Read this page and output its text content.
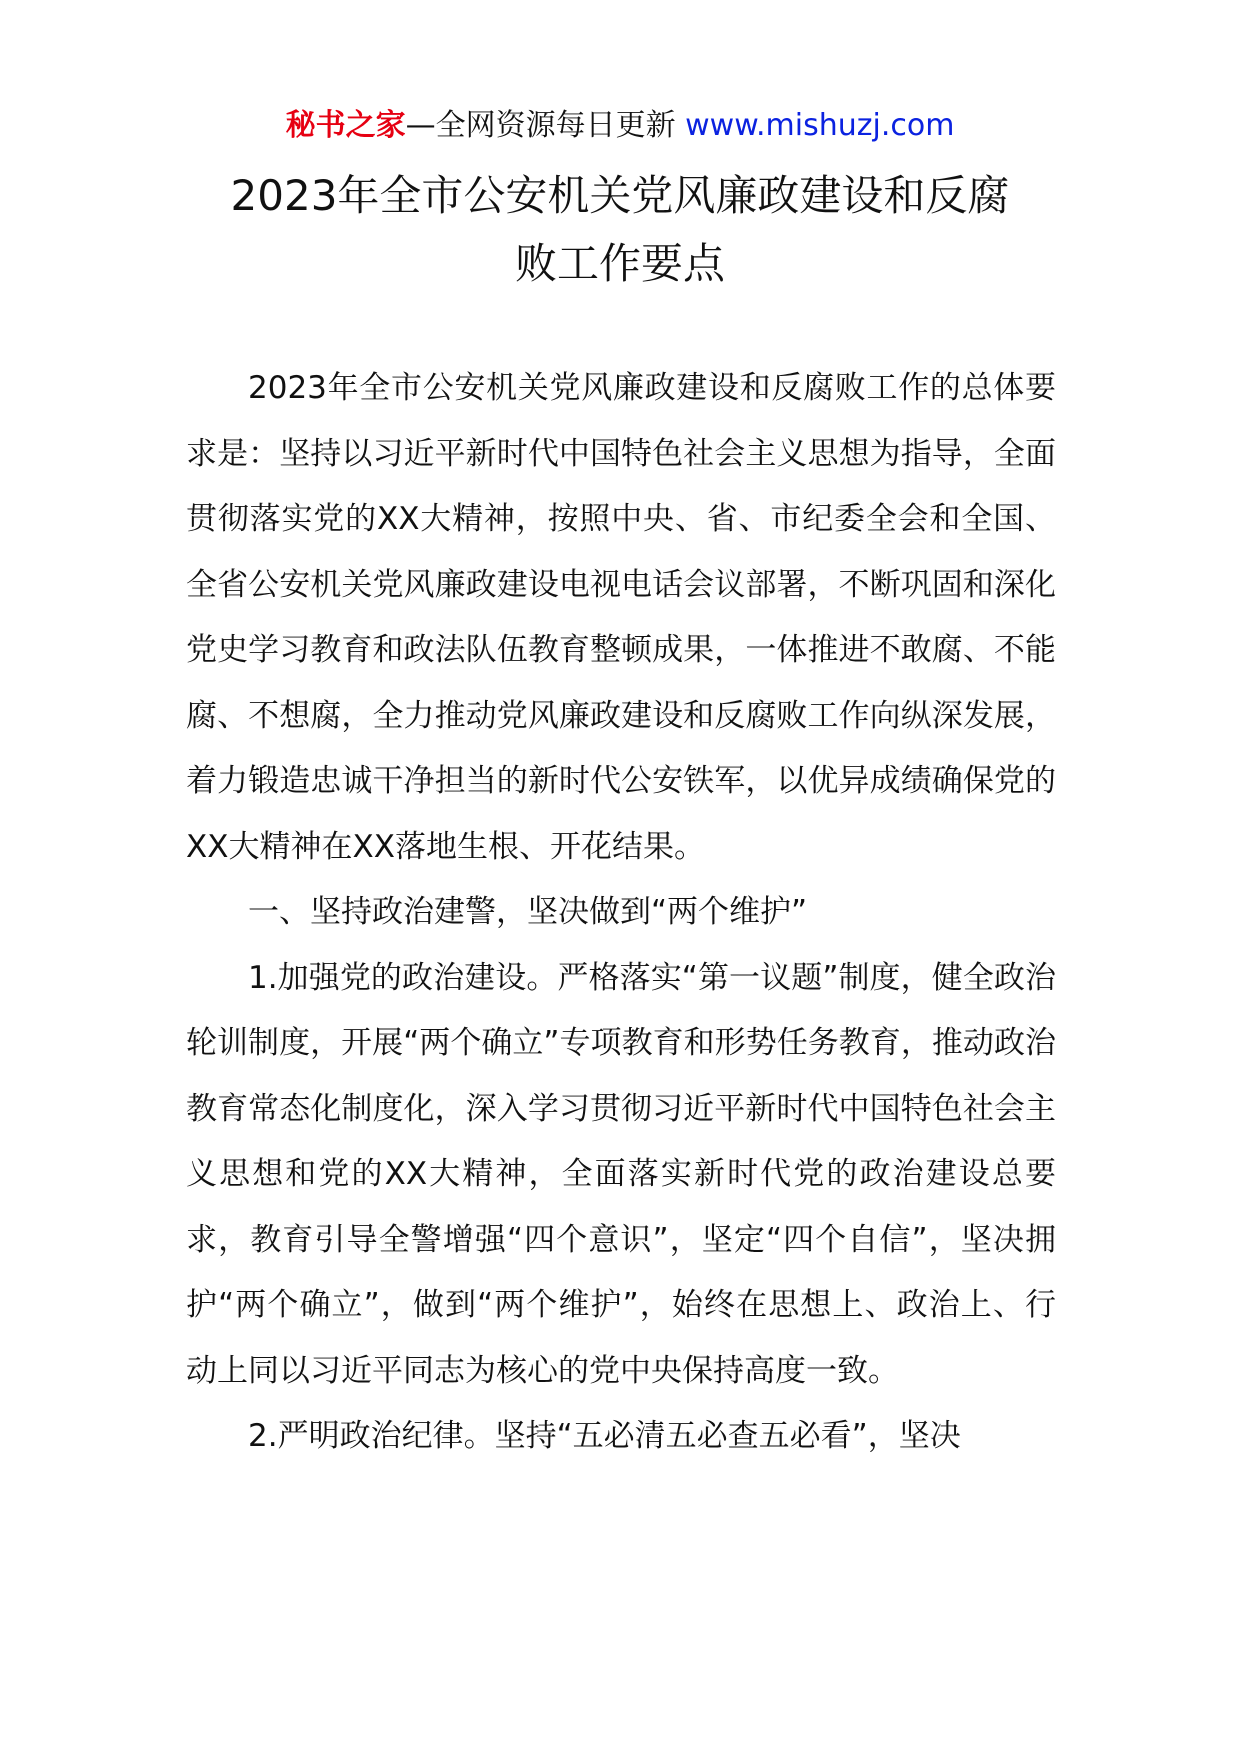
秘书之家—全网资源每日更新 www.mishuzj.com
2023年全市公安机关党风廉政建设和反腐
败工作要点

2023年全市公安机关党风廉政建设和反腐败工作的总体要求是：坚持以习近平新时代中国特色社会主义思想为指导，全面贯彻落实党的XX大精神，按照中央、省、市纪委全会和全国、全省公安机关党风廉政建设电视电话会议部署，不断巩固和深化党史学习教育和政法队伍教育整顿成果，一体推进不敢腐、不能腐、不想腐，全力推动党风廉政建设和反腐败工作向纵深发展，着力锻造忠诚干净担当的新时代公安铁军，以优异成绩确保党的XX大精神在XX落地生根、开花结果。

一、坚持政治建警，坚决做到“两个维护”

1.加强党的政治建设。严格落实“第一议题”制度，健全政治轮训制度，开展“两个确立”专项教育和形势任务教育，推动政治教育常态化制度化，深入学习贯彻习近平新时代中国特色社会主义思想和党的XX大精神，全面落实新时代党的政治建设总要求，教育引导全警增强“四个意识”，坚定“四个自信”，坚决拥护“两个确立”，做到“两个维护”，始终在思想上、政治上、行动上同以习近平同志为核心的党中央保持高度一致。

2.严明政治纪律。坚持“五必清五必查五必看”，坚决
